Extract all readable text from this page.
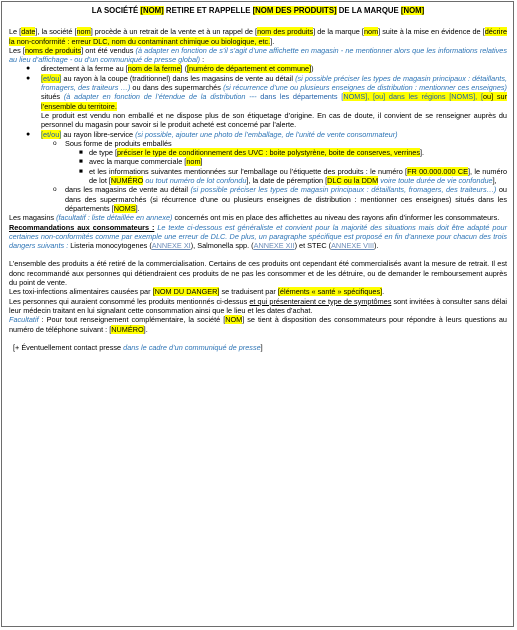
LA SOCIÉTÉ [NOM] RETIRE ET RAPPELLE [NOM DES PRODUITS] DE LA MARQUE [NOM]

Le [date], la société [nom] procède à un retrait de la vente et à un rappel de [nom des produits] de la marque [nom] suite à la mise en évidence de [décrire la non-conformité : erreur DLC, nom du contaminant chimique ou biologique, etc.].

Les [noms de produits] ont été vendus (à adapter en fonction de s’il s’agit d’une affichette en magasin - ne mentionner alors que les informations relatives au lieu d’affichage - ou d’un communiqué de presse global) :

● directement à la ferme au [nom de la ferme] ([numéro de département et commune])
● [et/ou] au rayon à la coupe (traditionnel) dans les magasins de vente au détail (si possible préciser les types de magasin principaux : détaillants, fromagers, des traiteurs …) ou dans des supermarchés (si récurrence d’une ou plusieurs enseignes de distribution : mentionner ces enseignes) situés (à adapter en fonction de l’étendue de la distribution --- dans les départements [NOMS], [ou] dans les régions [NOMS], [ou] sur l’ensemble du territoire.

Le produit est vendu non emballé et ne dispose plus de son étiquetage d’origine. En cas de doute, il convient de se renseigner auprès du personnel du magasin pour savoir si le produit acheté est concerné par l’alerte.

● [et/ou] au rayon libre-service (si possible, ajouter une photo de l’emballage, de l’unité de vente consommateur)
o Sous forme de produits emballés
■ de type [préciser le type de conditionnement des UVC : boite polystyrène, boite de conserves, verrines].
■ avec la marque commerciale [nom]
■ et les informations suivantes mentionnées sur l’emballage ou l’étiquette des produits : le numéro [FR 00.000.000 CE], le numéro de lot [NUMÉRO ou tout numéro de lot confondu], la date de péremption [DLC ou la DDM voire toute durée de vie confondue],
o dans les magasins de vente au détail (si possible préciser les types de magasin principaux : détaillants, fromagers, des traiteurs…) ou dans des supermarchés (si récurrence d’une ou plusieurs enseignes de distribution : mentionner ces enseignes) situés dans les départements [NOMS].

Les magasins (facultatif : liste détaillée en annexe) concernés ont mis en place des affichettes au niveau des rayons afin d’informer les consommateurs.

Recommandations aux consommateurs : Le texte ci-dessous est généraliste et convient pour la majorité des situations mais doit être adapté pour certaines non-conformités comme par exemple une erreur de DLC. De plus, un paragraphe spécifique est proposé en fin d’annexe pour chacun des trois dangers suivants : Listeria monocytogenes (ANNEXE XI), Salmonella spp. (ANNEXE XII) et STEC (ANNEXE VIII).

L’ensemble des produits a été retiré de la commercialisation. Certains de ces produits ont cependant été commercialisés avant la mesure de retrait. Il est donc recommandé aux personnes qui détiendraient ces produits de ne pas les consommer et de les détruire, ou de demander le remboursement auprès du point de vente.

Les toxi-infections alimentaires causées par [NOM DU DANGER] se traduisent par [éléments « santé » spécifiques].

Les personnes qui auraient consommé les produits mentionnés ci-dessus et qui présenteraient ce type de symptômes sont invitées à consulter sans délai leur médecin traitant en lui signalant cette consommation ainsi que le lieu et les dates d’achat.

Facultatif : Pour tout renseignement complémentaire, la société [NOM] se tient à disposition des consommateurs pour répondre à leurs questions au numéro de téléphone suivant : [NUMÉRO].

[+ Éventuellement contact presse dans le cadre d’un communiqué de presse]
